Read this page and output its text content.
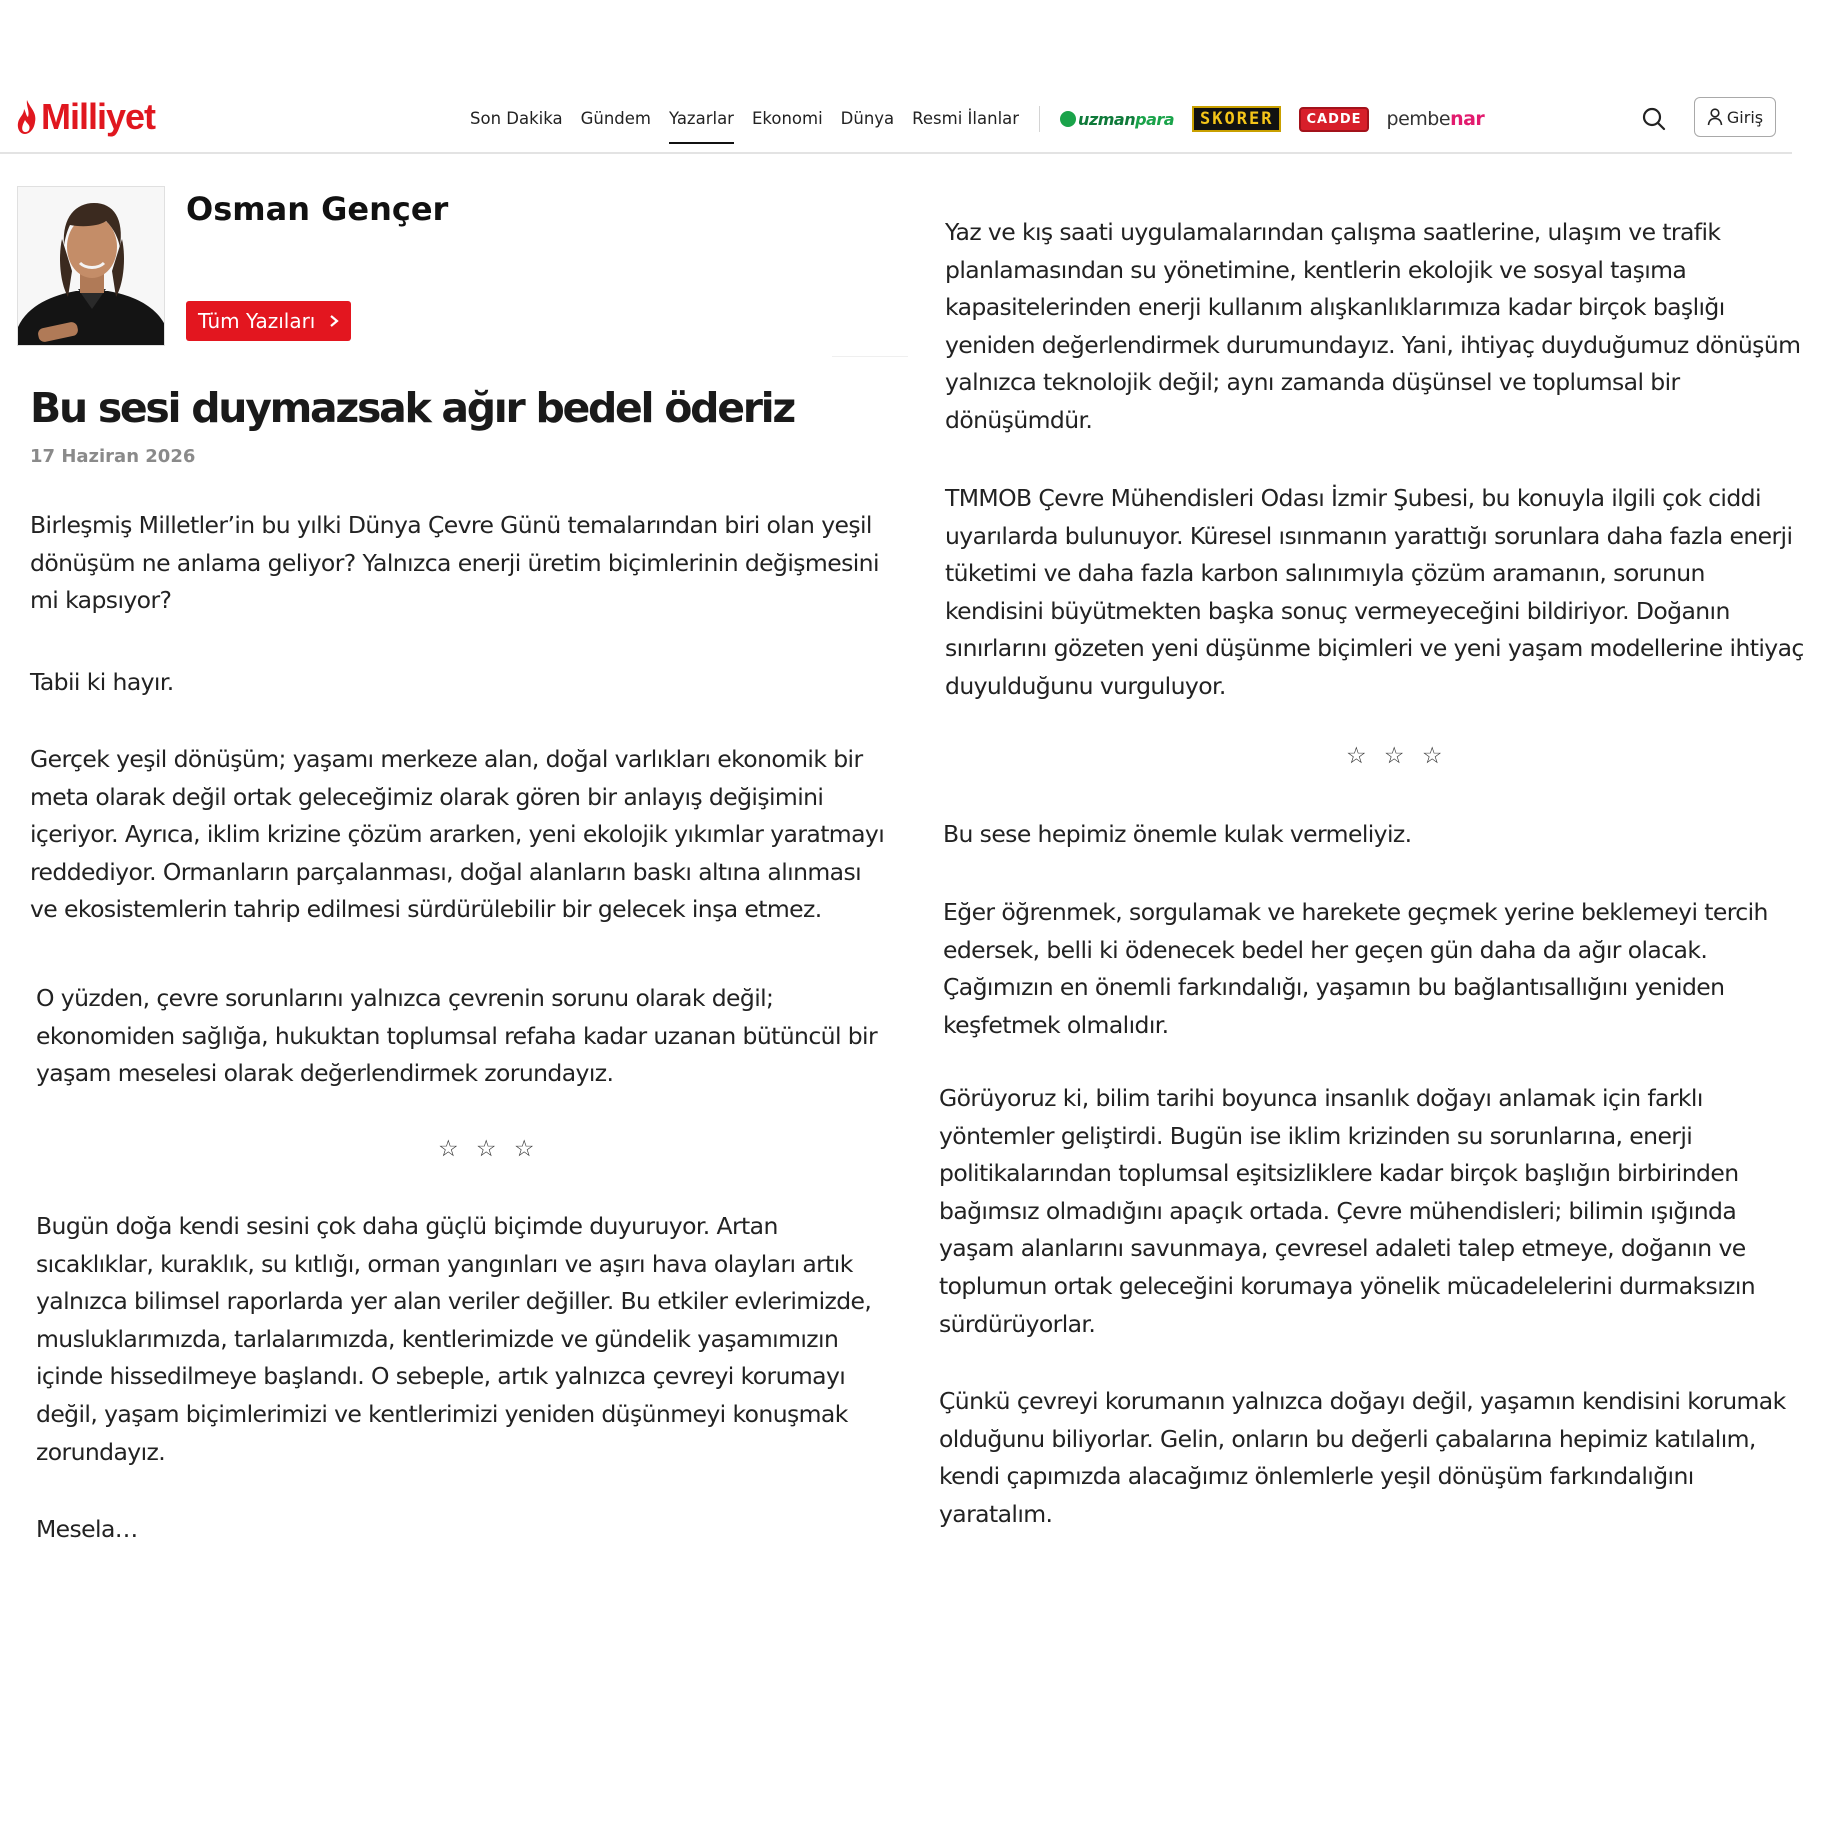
Milliyet	Son Dakika Gündem Yazarlar Ekonomi Dünya Resmi İlanlar	uzman para	SKORER	CADDE	pembe nar	Giriş
Osman Gençer
Tüm Yazıları
Bu sesi duymazsak ağır bedel öderiz
17 Haziran 2026
Birleşmiş Milletler’in bu yılki Dünya Çevre Günü temalarından biri olan yeşil
dönüşüm ne anlama geliyor? Yalnızca enerji üretim biçimlerinin değişmesini
mi kapsıyor?
Tabii ki hayır.
Gerçek yeşil dönüşüm; yaşamı merkeze alan, doğal varlıkları ekonomik bir
meta olarak değil ortak geleceğimiz olarak gören bir anlayış değişimini
içeriyor. Ayrıca, iklim krizine çözüm ararken, yeni ekolojik yıkımlar yaratmayı
reddediyor. Ormanların parçalanması, doğal alanların baskı altına alınması
ve ekosistemlerin tahrip edilmesi sürdürülebilir bir gelecek inşa etmez.
O yüzden, çevre sorunlarını yalnızca çevrenin sorunu olarak değil;
ekonomiden sağlığa, hukuktan toplumsal refaha kadar uzanan bütüncül bir
yaşam meselesi olarak değerlendirmek zorundayız.
☆ ☆ ☆
Bugün doğa kendi sesini çok daha güçlü biçimde duyuruyor. Artan
sıcaklıklar, kuraklık, su kıtlığı, orman yangınları ve aşırı hava olayları artık
yalnızca bilimsel raporlarda yer alan veriler değiller. Bu etkiler evlerimizde,
musluklarımızda, tarlalarımızda, kentlerimizde ve gündelik yaşamımızın
içinde hissedilmeye başlandı. O sebeple, artık yalnızca çevreyi korumayı
değil, yaşam biçimlerimizi ve kentlerimizi yeniden düşünmeyi konuşmak
zorundayız.
Mesela…
Yaz ve kış saati uygulamalarından çalışma saatlerine, ulaşım ve trafik
planlamasından su yönetimine, kentlerin ekolojik ve sosyal taşıma
kapasitelerinden enerji kullanım alışkanlıklarımıza kadar birçok başlığı
yeniden değerlendirmek durumundayız. Yani, ihtiyaç duyduğumuz dönüşüm
yalnızca teknolojik değil; aynı zamanda düşünsel ve toplumsal bir
dönüşümdür.
TMMOB Çevre Mühendisleri Odası İzmir Şubesi, bu konuyla ilgili çok ciddi
uyarılarda bulunuyor. Küresel ısınmanın yarattığı sorunlara daha fazla enerji
tüketimi ve daha fazla karbon salınımıyla çözüm aramanın, sorunun
kendisini büyütmekten başka sonuç vermeyeceğini bildiriyor. Doğanın
sınırlarını gözeten yeni düşünme biçimleri ve yeni yaşam modellerine ihtiyaç
duyulduğunu vurguluyor.
☆ ☆ ☆
Bu sese hepimiz önemle kulak vermeliyiz.
Eğer öğrenmek, sorgulamak ve harekete geçmek yerine beklemeyi tercih
edersek, belli ki ödenecek bedel her geçen gün daha da ağır olacak.
Çağımızın en önemli farkındalığı, yaşamın bu bağlantısallığını yeniden
keşfetmek olmalıdır.
Görüyoruz ki, bilim tarihi boyunca insanlık doğayı anlamak için farklı
yöntemler geliştirdi. Bugün ise iklim krizinden su sorunlarına, enerji
politikalarından toplumsal eşitsizliklere kadar birçok başlığın birbirinden
bağımsız olmadığını apaçık ortada. Çevre mühendisleri; bilimin ışığında
yaşam alanlarını savunmaya, çevresel adaleti talep etmeye, doğanın ve
toplumun ortak geleceğini korumaya yönelik mücadelelerini durmaksızın
sürdürüyorlar.
Çünkü çevreyi korumanın yalnızca doğayı değil, yaşamın kendisini korumak
olduğunu biliyorlar. Gelin, onların bu değerli çabalarına hepimiz katılalım,
kendi çapımızda alacağımız önlemlerle yeşil dönüşüm farkındalığını
yaratalım.
